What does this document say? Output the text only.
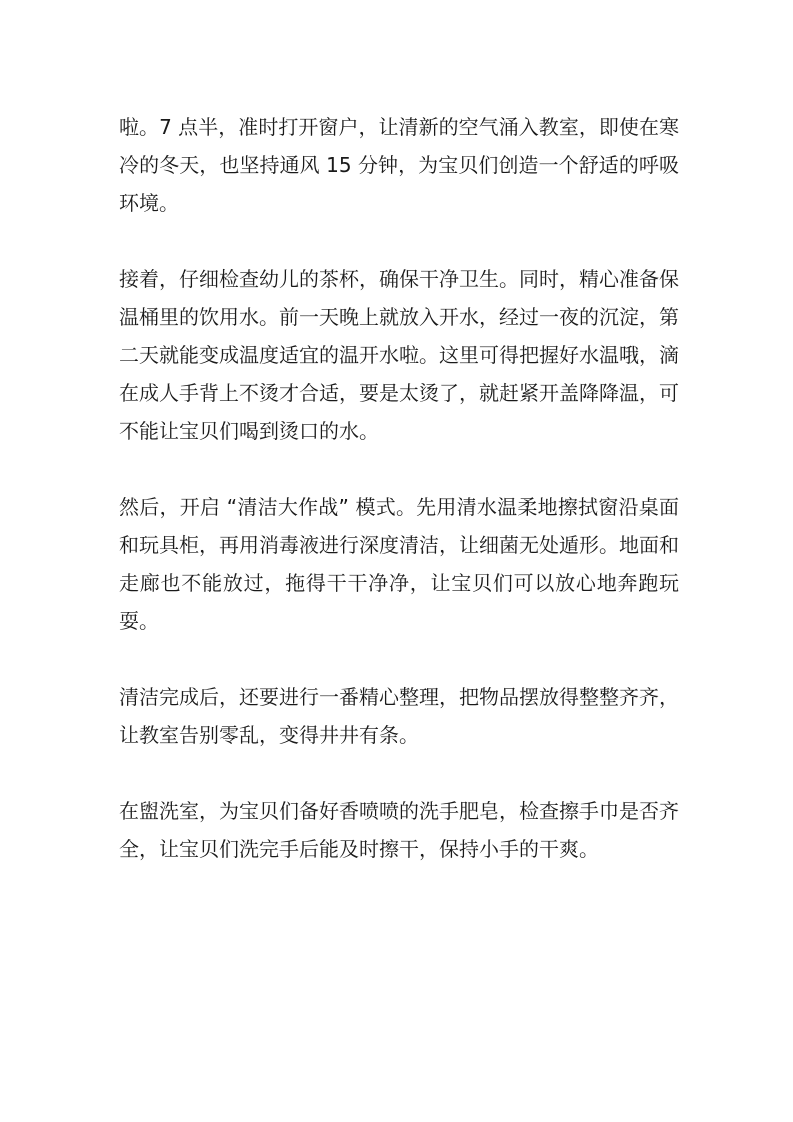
啦。7 点半，准时打开窗户，让清新的空气涌入教室，即使在寒冷的冬天，也坚持通风 15 分钟，为宝贝们创造一个舒适的呼吸环境。

接着，仔细检查幼儿的茶杯，确保干净卫生。同时，精心准备保温桶里的饮用水。前一天晚上就放入开水，经过一夜的沉淀，第二天就能变成温度适宜的温开水啦。这里可得把握好水温哦，滴在成人手背上不烫才合适，要是太烫了，就赶紧开盖降降温，可不能让宝贝们喝到烫口的水。

然后，开启 “清洁大作战” 模式。先用清水温柔地擦拭窗沿桌面和玩具柜，再用消毒液进行深度清洁，让细菌无处遁形。地面和走廊也不能放过，拖得干干净净，让宝贝们可以放心地奔跑玩耍。

清洁完成后，还要进行一番精心整理，把物品摆放得整整齐齐，让教室告别零乱，变得井井有条。

在盥洗室，为宝贝们备好香喷喷的洗手肥皂，检查擦手巾是否齐全，让宝贝们洗完手后能及时擦干，保持小手的干爽。
